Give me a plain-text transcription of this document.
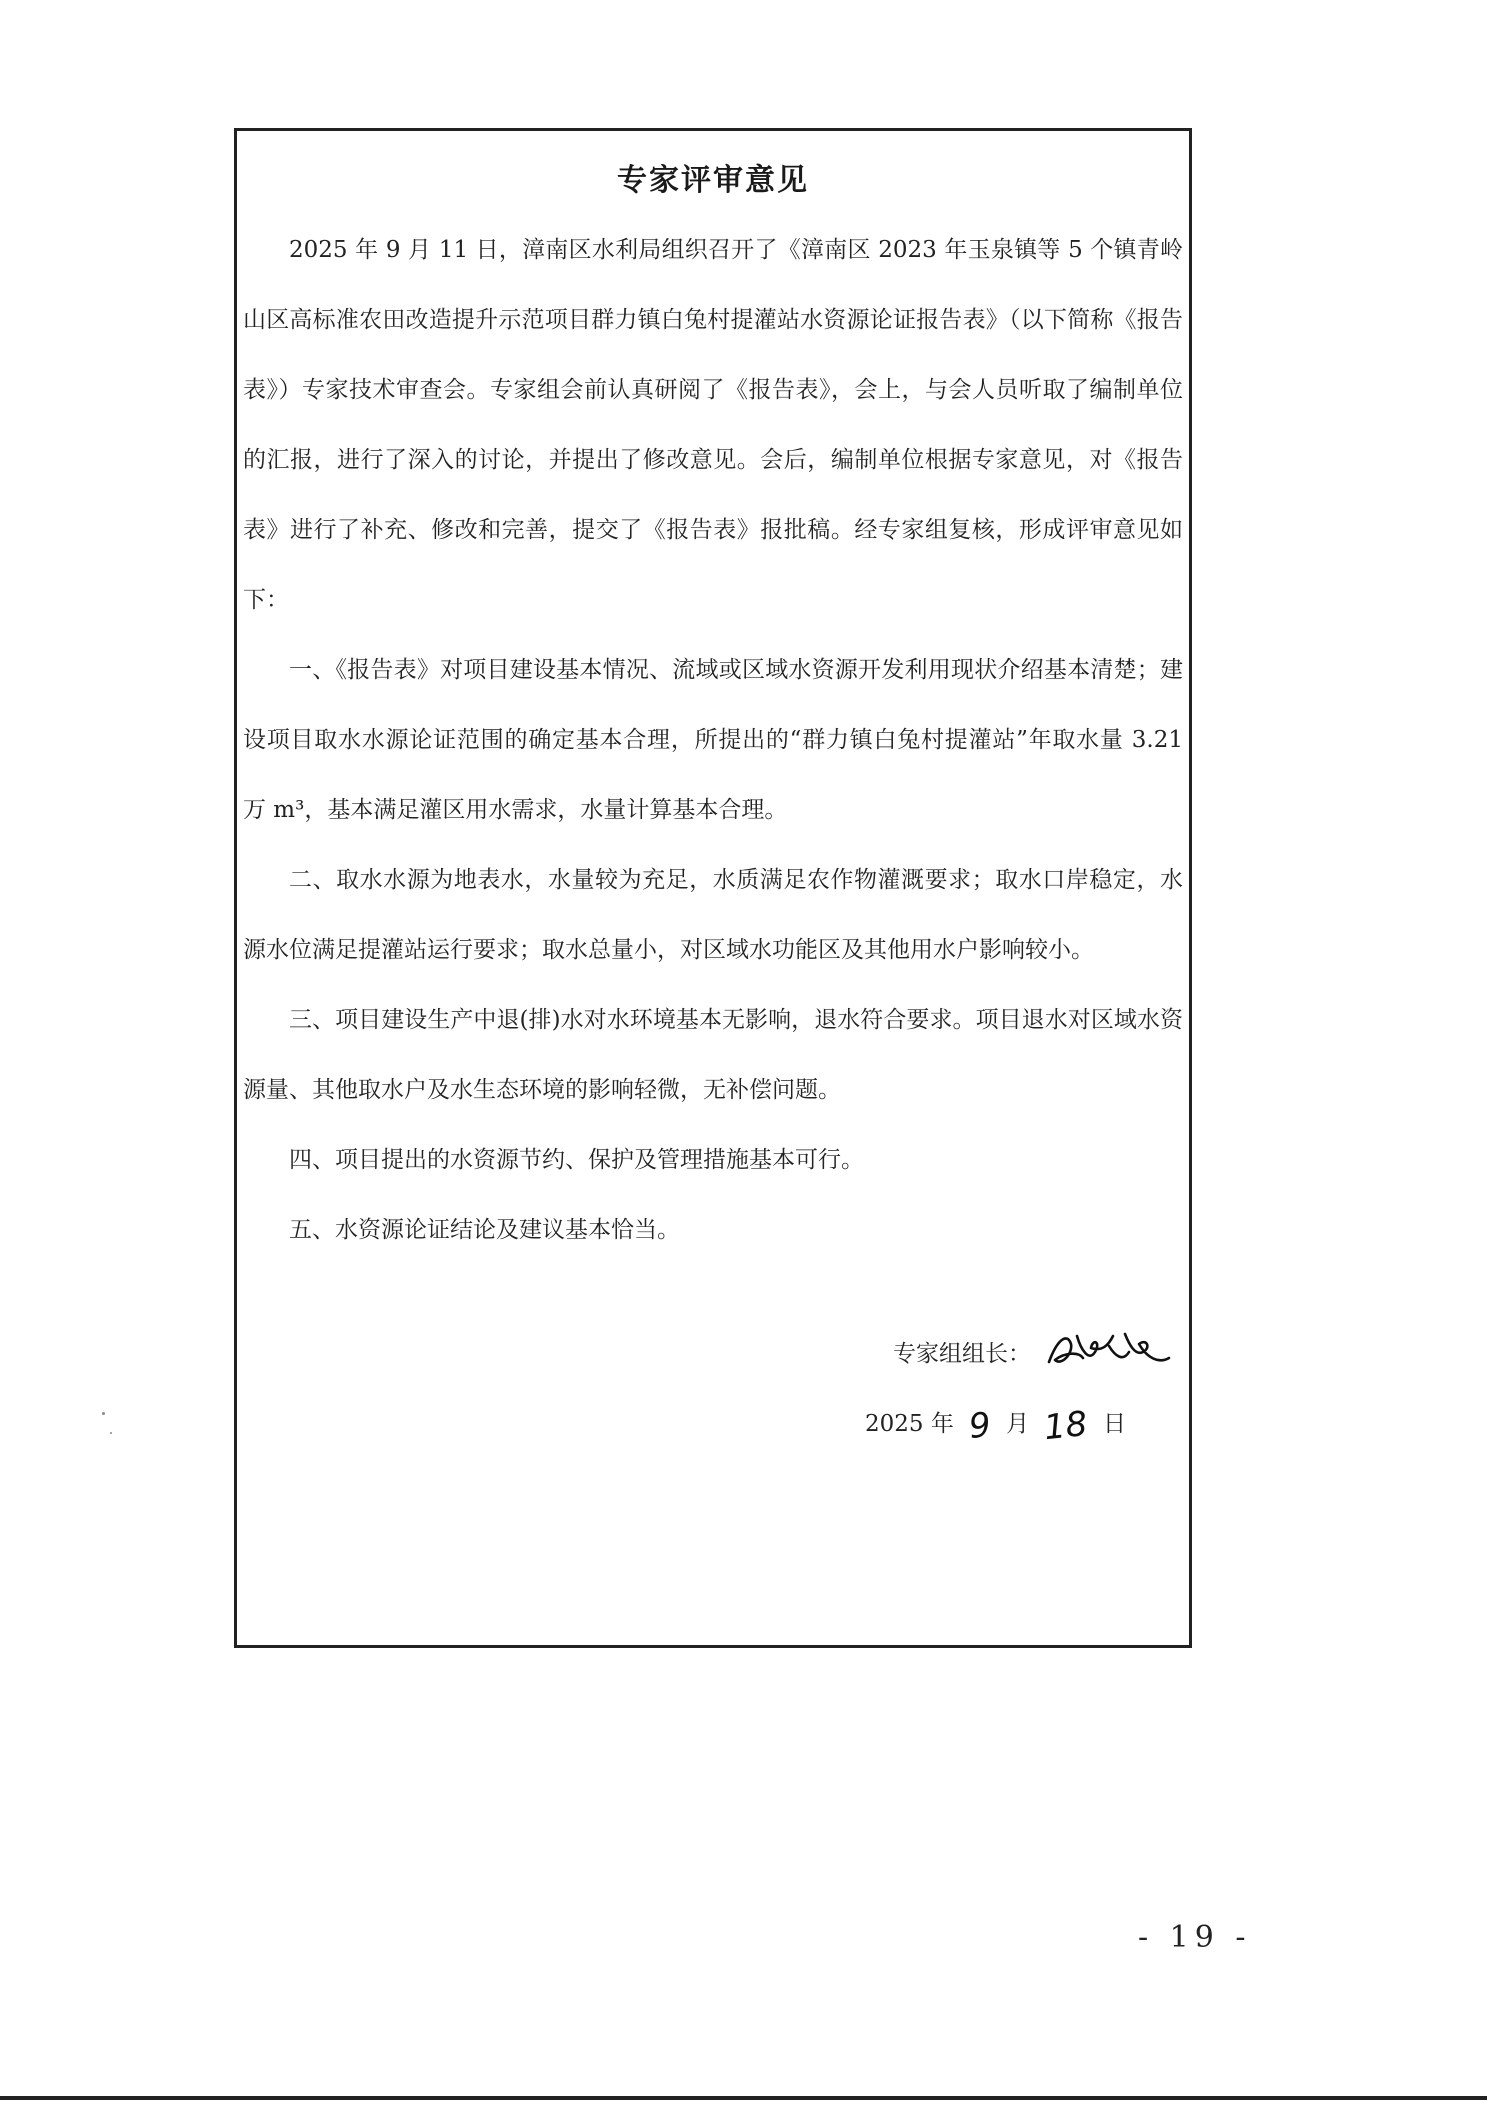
专家评审意见

2025 年 9 月 11 日，漳南区水利局组织召开了《漳南区 2023 年玉泉镇等 5 个镇青岭山区高标准农田改造提升示范项目群力镇白兔村提灌站水资源论证报告表》（以下简称《报告表》）专家技术审查会。专家组会前认真研阅了《报告表》，会上，与会人员听取了编制单位的汇报，进行了深入的讨论，并提出了修改意见。会后，编制单位根据专家意见，对《报告表》进行了补充、修改和完善，提交了《报告表》报批稿。经专家组复核，形成评审意见如下：

一、《报告表》对项目建设基本情况、流域或区域水资源开发利用现状介绍基本清楚；建设项目取水水源论证范围的确定基本合理，所提出的“群力镇白兔村提灌站”年取水量 3.21 万 m³，基本满足灌区用水需求，水量计算基本合理。

二、取水水源为地表水，水量较为充足，水质满足农作物灌溉要求；取水口岸稳定，水源水位满足提灌站运行要求；取水总量小，对区域水功能区及其他用水户影响较小。

三、项目建设生产中退(排)水对水环境基本无影响，退水符合要求。项目退水对区域水资源量、其他取水户及水生态环境的影响轻微，无补偿问题。

四、项目提出的水资源节约、保护及管理措施基本可行。

五、水资源论证结论及建议基本恰当。

专家组组长：
2025 年 9 月 18 日
- 19 -
